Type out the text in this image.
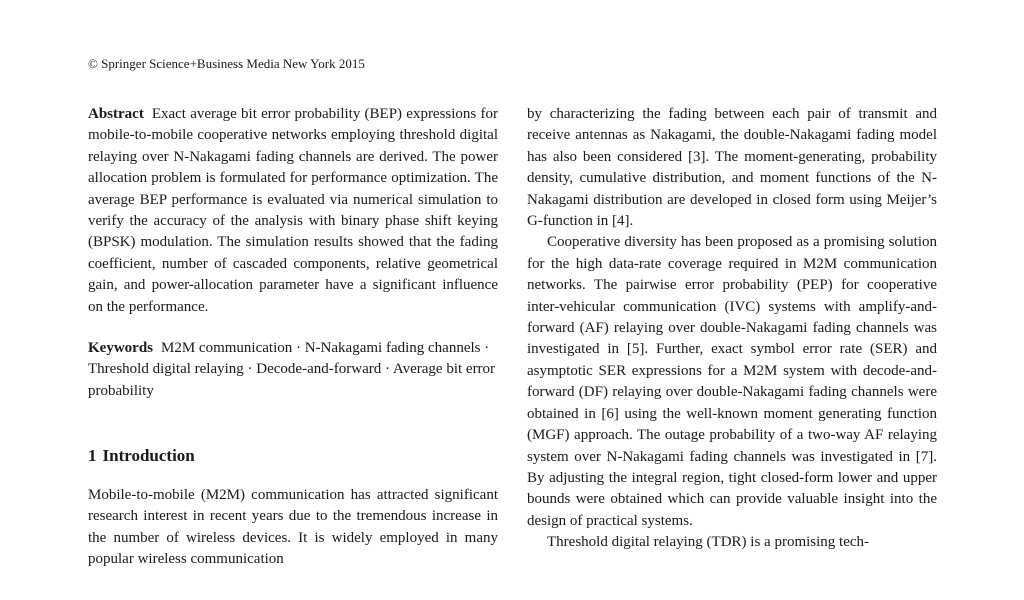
© Springer Science+Business Media New York 2015

Abstract Exact average bit error probability (BEP) expressions for mobile-to-mobile cooperative networks employing threshold digital relaying over N-Nakagami fading channels are derived. The power allocation problem is formulated for performance optimization. The average BEP performance is evaluated via numerical simulation to verify the accuracy of the analysis with binary phase shift keying (BPSK) modulation. The simulation results showed that the fading coefficient, number of cascaded components, relative geometrical gain, and power-allocation parameter have a significant influence on the performance.

Keywords M2M communication · N-Nakagami fading channels · Threshold digital relaying · Decode-and-forward · Average bit error probability

1 Introduction

Mobile-to-mobile (M2M) communication has attracted significant research interest in recent years due to the tremendous increase in the number of wireless devices. It is widely employed in many popular wireless communication

by characterizing the fading between each pair of transmit and receive antennas as Nakagami, the double-Nakagami fading model has also been considered [3]. The moment-generating, probability density, cumulative distribution, and moment functions of the N-Nakagami distribution are developed in closed form using Meijer’s G-function in [4].

Cooperative diversity has been proposed as a promising solution for the high data-rate coverage required in M2M communication networks. The pairwise error probability (PEP) for cooperative inter-vehicular communication (IVC) systems with amplify-and-forward (AF) relaying over double-Nakagami fading channels was investigated in [5]. Further, exact symbol error rate (SER) and asymptotic SER expressions for a M2M system with decode-and-forward (DF) relaying over double-Nakagami fading channels were obtained in [6] using the well-known moment generating function (MGF) approach. The outage probability of a two-way AF relaying system over N-Nakagami fading channels was investigated in [7]. By adjusting the integral region, tight closed-form lower and upper bounds were obtained which can provide valuable insight into the design of practical systems.

Threshold digital relaying (TDR) is a promising tech-
